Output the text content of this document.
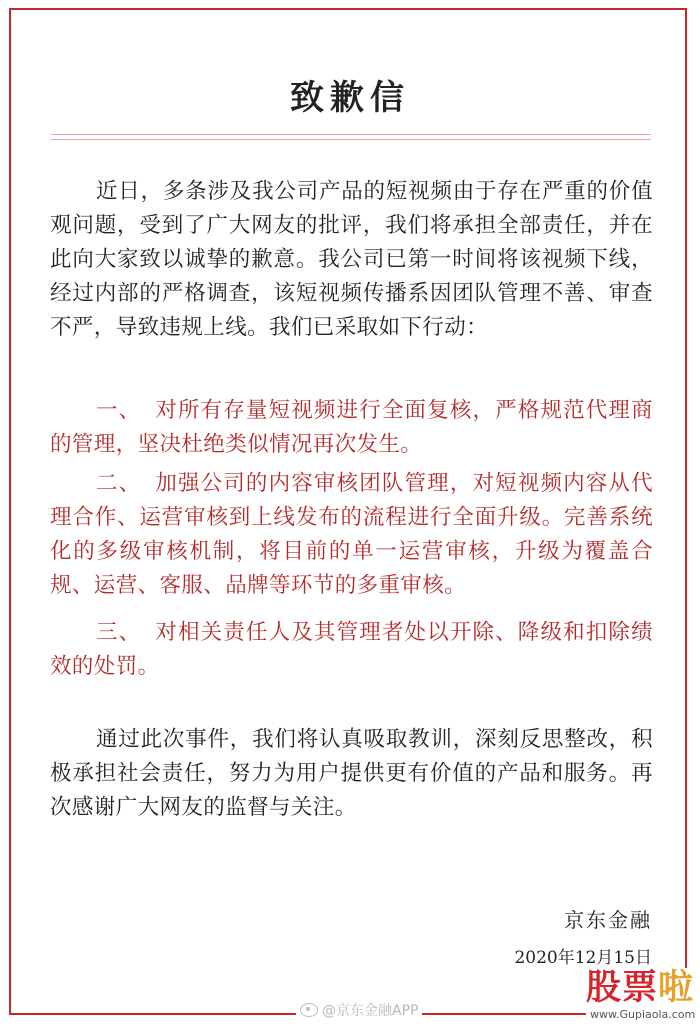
致歉信

近日，多条涉及我公司产品的短视频由于存在严重的价值观问题，受到了广大网友的批评，我们将承担全部责任，并在此向大家致以诚挚的歉意。我公司已第一时间将该视频下线，经过内部的严格调查，该短视频传播系因团队管理不善、审查不严，导致违规上线。我们已采取如下行动：

一、 对所有存量短视频进行全面复核，严格规范代理商的管理，坚决杜绝类似情况再次发生。

二、 加强公司的内容审核团队管理，对短视频内容从代理合作、运营审核到上线发布的流程进行全面升级。完善系统化的多级审核机制，将目前的单一运营审核，升级为覆盖合规、运营、客服、品牌等环节的多重审核。

三、 对相关责任人及其管理者处以开除、降级和扣除绩效的处罚。

通过此次事件，我们将认真吸取教训，深刻反思整改，积极承担社会责任，努力为用户提供更有价值的产品和服务。再次感谢广大网友的监督与关注。

京东金融
2020年12月15日
@京东金融APP
股票啦
www.Gupiaola.com
